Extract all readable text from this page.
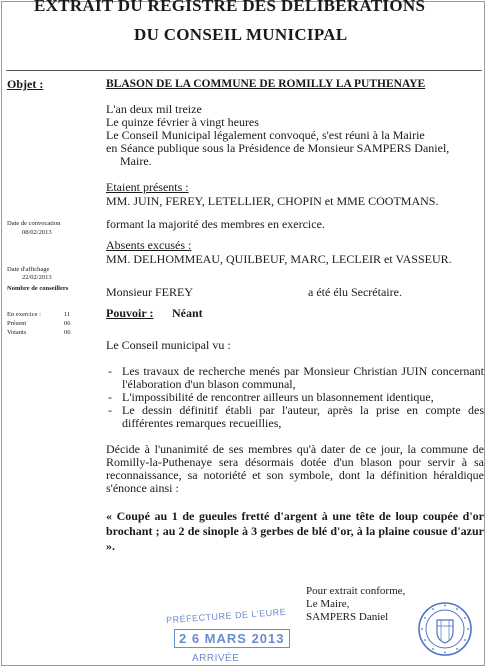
EXTRAIT DU REGISTRE DES DELIBERATIONS
DU CONSEIL MUNICIPAL
Objet :	BLASON DE LA COMMUNE DE ROMILLY LA PUTHENAYE
L'an deux mil treize
Le quinze février à vingt heures
Le Conseil Municipal légalement convoqué, s'est réuni à la Mairie
en Séance publique sous la Présidence de Monsieur SAMPERS Daniel,
Maire.
Etaient présents :
MM. JUIN, FEREY, LETELLIER, CHOPIN et MME COOTMANS.
formant la majorité des membres en exercice.
Absents excusés :
MM. DELHOMMEAU, QUILBEUF, MARC, LECLEIR et VASSEUR.
Monsieur FEREY	a été élu Secrétaire.
Pouvoir : Néant
Date de convocation
08/02/2013
Date d'affichage
22/02/2013
Nombre de conseillers
En exercice :	11
Présent	06
Votants	06
Le Conseil municipal vu :
- Les travaux de recherche menés par Monsieur Christian JUIN concernant l'élaboration d'un blason communal,
- L'impossibilité de rencontrer ailleurs un blasonnement identique,
- Le dessin définitif établi par l'auteur, après la prise en compte des différentes remarques recueillies,
Décide à l'unanimité de ses membres qu'à dater de ce jour, la commune de Romilly-la-Puthenaye sera désormais dotée d'un blason pour servir à sa reconnaissance, sa notoriété et son symbole, dont la définition héraldique s'énonce ainsi :
« Coupé au 1 de gueules fretté d'argent à une tête de loup coupée d'or brochant ; au 2 de sinople à 3 gerbes de blé d'or, à la plaine cousue d'azur ».
Pour extrait conforme,
Le Maire,
SAMPERS Daniel
PRÉFECTURE DE L'EURE
2 6 MARS 2013
ARRIVÉE
